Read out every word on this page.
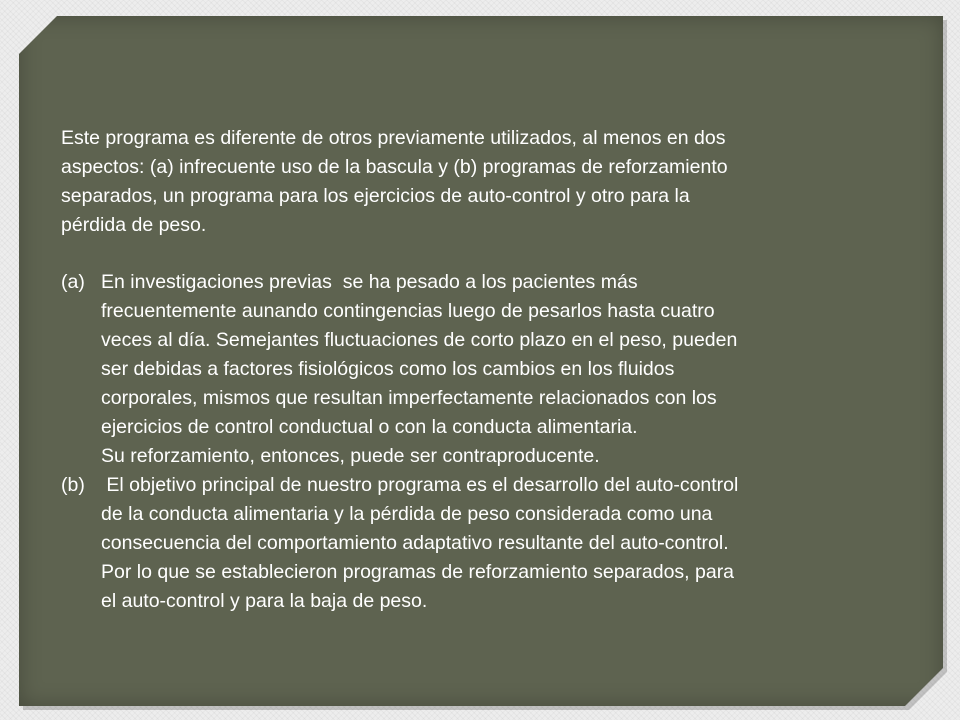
Este programa es diferente de otros previamente utilizados, al menos en dos
aspectos: (a) infrecuente uso de la bascula y (b) programas de reforzamiento
separados, un programa para los ejercicios de auto-control y otro para la
pérdida de peso.

(a) En investigaciones previas  se ha pesado a los pacientes más
frecuentemente aunando contingencias luego de pesarlos hasta cuatro
veces al día. Semejantes fluctuaciones de corto plazo en el peso, pueden
ser debidas a factores fisiológicos como los cambios en los fluidos
corporales, mismos que resultan imperfectamente relacionados con los
ejercicios de control conductual o con la conducta alimentaria.
Su reforzamiento, entonces, puede ser contraproducente.
(b) El objetivo principal de nuestro programa es el desarrollo del auto-control
de la conducta alimentaria y la pérdida de peso considerada como una
consecuencia del comportamiento adaptativo resultante del auto-control.
Por lo que se establecieron programas de reforzamiento separados, para
el auto-control y para la baja de peso.
